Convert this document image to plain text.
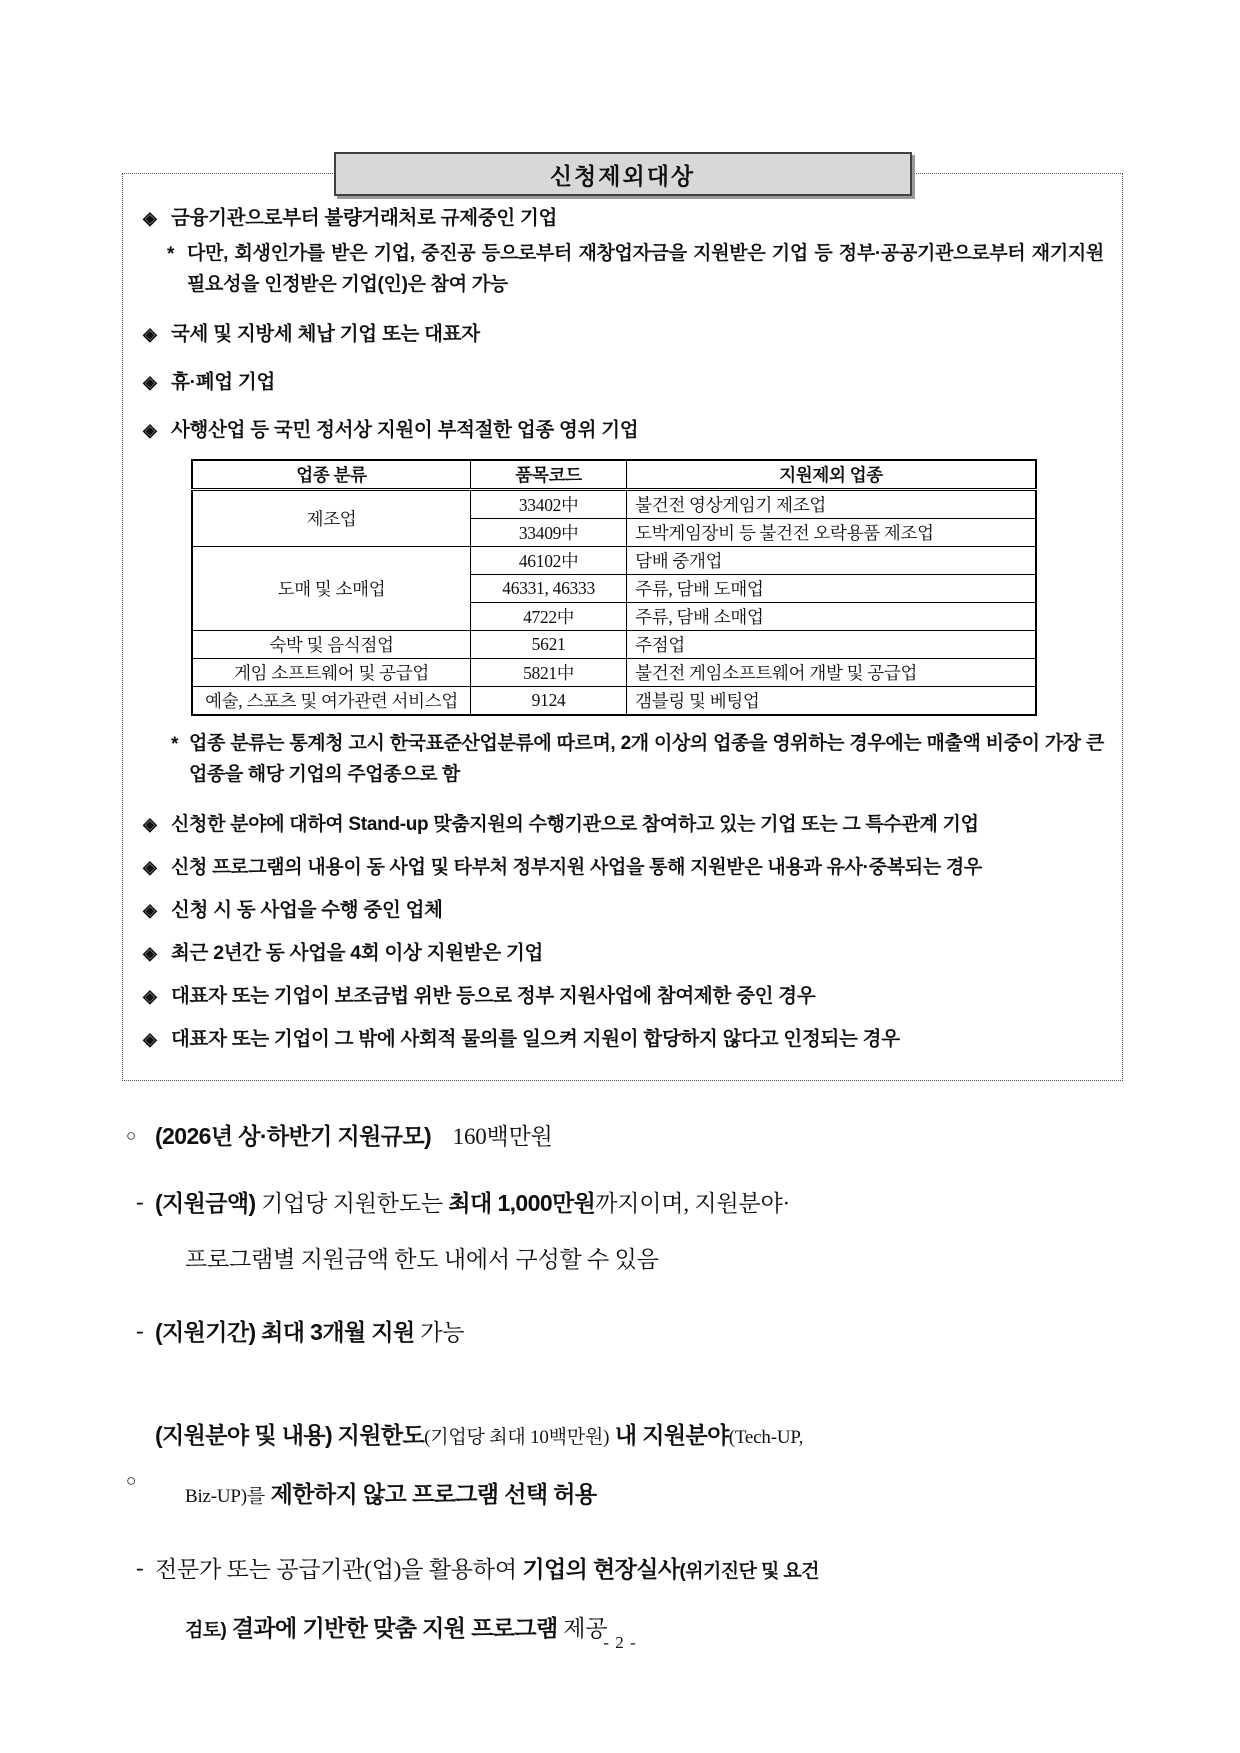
신청제외대상
◈ 금융기관으로부터 불량거래처로 규제중인 기업
* 다만, 회생인가를 받은 기업, 중진공 등으로부터 재창업자금을 지원받은 기업 등 정부·공공기관으로부터 재기지원 필요성을 인정받은 기업(인)은 참여 가능
◈ 국세 및 지방세 체납 기업 또는 대표자
◈ 휴·폐업 기업
◈ 사행산업 등 국민 정서상 지원이 부적절한 업종 영위 기업
업종 분류	품목코드	지원제외 업종
제조업	33402中	불건전 영상게임기 제조업
	33409中	도박게임장비 등 불건전 오락용품 제조업
도매 및 소매업	46102中	담배 중개업
	46331, 46333	주류, 담배 도매업
	4722中	주류, 담배 소매업
숙박 및 음식점업	5621	주점업
게임 소프트웨어 및 공급업	5821中	불건전 게임소프트웨어 개발 및 공급업
예술, 스포츠 및 여가관련 서비스업	9124	갬블링 및 베팅업
* 업종 분류는 통계청 고시 한국표준산업분류에 따르며, 2개 이상의 업종을 영위하는 경우에는 매출액 비중이 가장 큰 업종을 해당 기업의 주업종으로 함
◈ 신청한 분야에 대하여 Stand-up 맞춤지원의 수행기관으로 참여하고 있는 기업 또는 그 특수관계 기업
◈ 신청 프로그램의 내용이 동 사업 및 타부처 정부지원 사업을 통해 지원받은 내용과 유사·중복되는 경우
◈ 신청 시 동 사업을 수행 중인 업체
◈ 최근 2년간 동 사업을 4회 이상 지원받은 기업
◈ 대표자 또는 기업이 보조금법 위반 등으로 정부 지원사업에 참여제한 중인 경우
◈ 대표자 또는 기업이 그 밖에 사회적 물의를 일으켜 지원이 합당하지 않다고 인정되는 경우
○ (2026년 상·하반기 지원규모) 160백만원
- (지원금액) 기업당 지원한도는 최대 1,000만원까지이며, 지원분야·
프로그램별 지원금액 한도 내에서 구성할 수 있음
- (지원기간) 최대 3개월 지원 가능
○
(지원분야 및 내용) 지원한도(기업당 최대 10백만원) 내 지원분야(Tech-UP,
Biz-UP)를 제한하지 않고 프로그램 선택 허용
- 전문가 또는 공급기관(업)을 활용하여 기업의 현장실사(위기진단 및 요건
검토) 결과에 기반한 맞춤 지원 프로그램 제공
- 2 -
